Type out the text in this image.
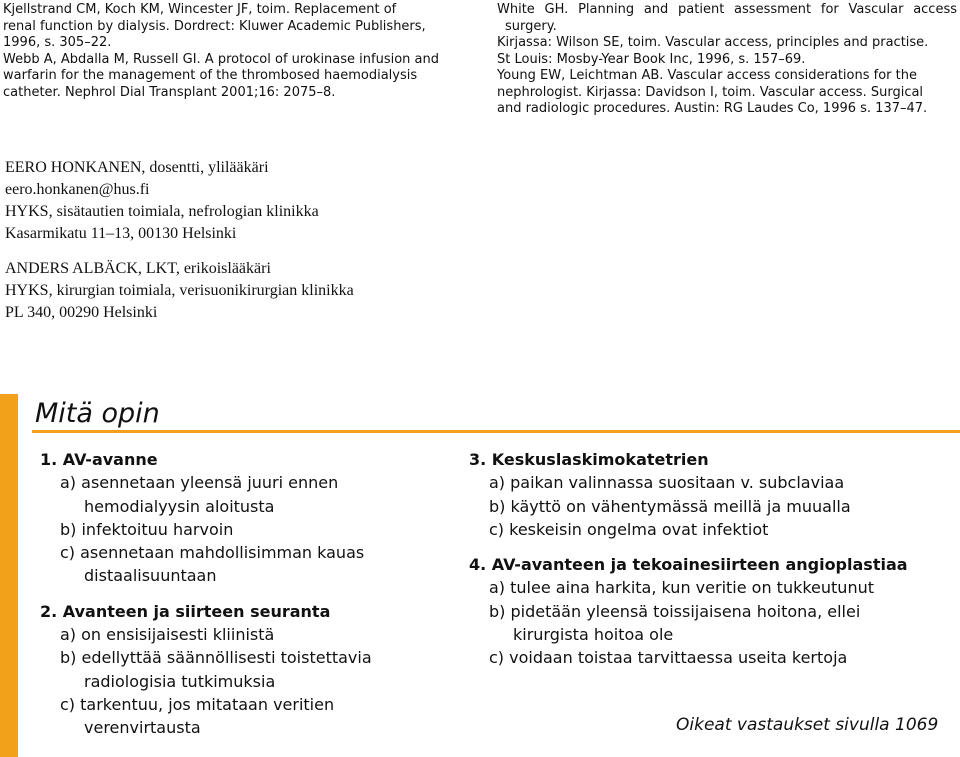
Kjellstrand CM, Koch KM, Wincester JF, toim. Replacement of
renal function by dialysis. Dordrect: Kluwer Academic Publishers,
1996, s. 305–22.
Webb A, Abdalla M, Russell GI. A protocol of urokinase infusion and
warfarin for the management of the thrombosed haemodialysis
catheter. Nephrol Dial Transplant 2001;16: 2075–8.
White GH. Planning and patient assessment for Vascular access surgery.
Kirjassa: Wilson SE, toim. Vascular access, principles and practise.
St Louis: Mosby-Year Book Inc, 1996, s. 157–69.
Young EW, Leichtman AB. Vascular access considerations for the
nephrologist. Kirjassa: Davidson I, toim. Vascular access. Surgical
and radiologic procedures. Austin: RG Laudes Co, 1996 s. 137–47.
EERO HONKANEN, dosentti, ylilääkäri
eero.honkanen@hus.fi
HYKS, sisätautien toimiala, nefrologian klinikka
Kasarmikatu 11–13, 00130 Helsinki
ANDERS ALBÄCK, LKT, erikoislääkäri
HYKS, kirurgian toimiala, verisuonikirurgian klinikka
PL 340, 00290 Helsinki
Mitä opin
1. AV-avanne
a) asennetaan yleensä juuri ennen
hemodialyysin aloitusta
b) infektoituu harvoin
c) asennetaan mahdollisimman kauas
distaalisuuntaan
2. Avanteen ja siirteen seuranta
a) on ensisijaisesti kliinistä
b) edellyttää säännöllisesti toistettavia
radiologisia tutkimuksia
c) tarkentuu, jos mitataan veritien
verenvirtausta
3. Keskuslaskimokatetrien
a) paikan valinnassa suositaan v. subclaviaa
b) käyttö on vähentymässä meillä ja muualla
c) keskeisin ongelma ovat infektiot
4. AV-avanteen ja tekoainesiirteen angioplastiaa
a) tulee aina harkita, kun veritie on tukkeutunut
b) pidetään yleensä toissijaisena hoitona, ellei
kirurgista hoitoa ole
c) voidaan toistaa tarvittaessa useita kertoja
Oikeat vastaukset sivulla 1069
